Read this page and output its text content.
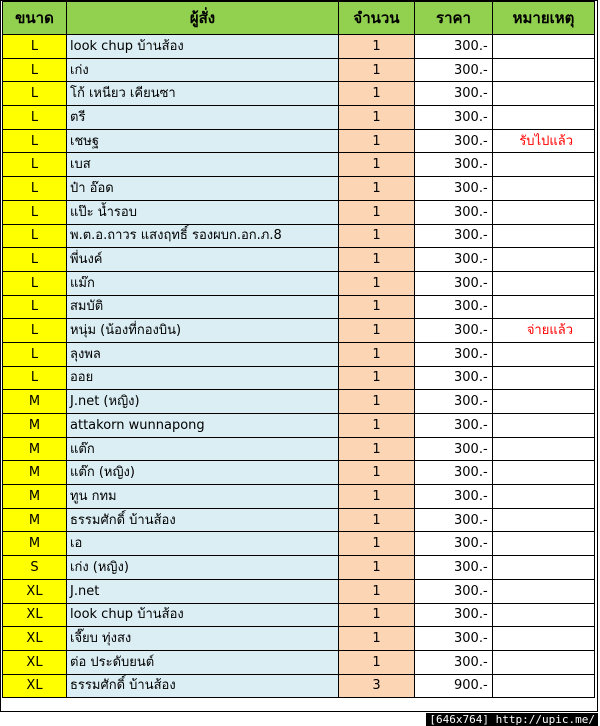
ขนาด	ผู้สั่ง	จำนวน	ราคา	หมายเหตุ
L	look chup บ้านส้อง	1	300.-	
L	เก่ง	1	300.-	
L	โก้ เหนียว เคียนซา	1	300.-	
L	ตรี	1	300.-	
L	เชษฐ	1	300.-	รับไปแล้ว
L	เบส	1	300.-	
L	ป๋า อ๊อด	1	300.-	
L	แป๊ะ น้ำรอบ	1	300.-	
L	พ.ต.อ.ถาวร แสงฤทธิ์ รองผบก.อก.ภ.8	1	300.-	
L	พี่นงค์	1	300.-	
L	แม๊ก	1	300.-	
L	สมบัติ	1	300.-	
L	หนุ่ม (น้องที่กองบิน)	1	300.-	จ่ายแล้ว
L	ลุงพล	1	300.-	
L	ออย	1	300.-	
M	J.net (หญิง)	1	300.-	
M	attakorn wunnapong	1	300.-	
M	แต๊ก	1	300.-	
M	แต๊ก (หญิง)	1	300.-	
M	ทูน กทม	1	300.-	
M	ธรรมศักดิ์ บ้านส้อง	1	300.-	
M	เอ	1	300.-	
S	เก่ง (หญิง)	1	300.-	
XL	J.net	1	300.-	
XL	look chup บ้านส้อง	1	300.-	
XL	เจี๊ยบ ทุ่งสง	1	300.-	
XL	ต่อ ประดับยนต์	1	300.-	
XL	ธรรมศักดิ์ บ้านส้อง	3	900.-	
[646x764] http://upic.me/
